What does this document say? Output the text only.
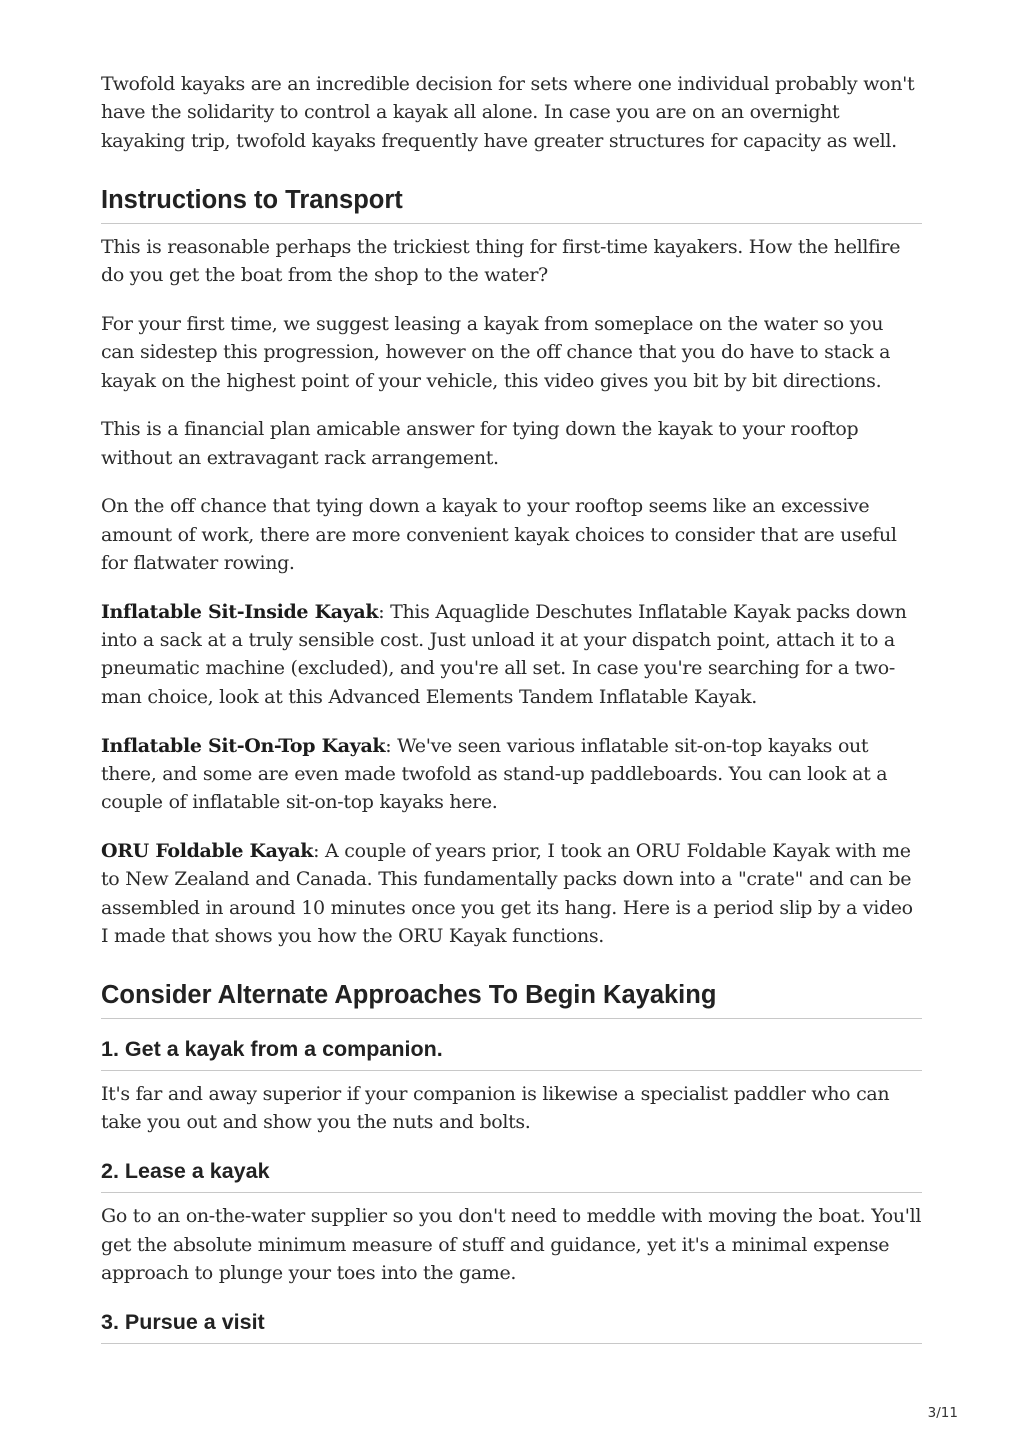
Twofold kayaks are an incredible decision for sets where one individual probably won't have the solidarity to control a kayak all alone. In case you are on an overnight kayaking trip, twofold kayaks frequently have greater structures for capacity as well.

Instructions to Transport

This is reasonable perhaps the trickiest thing for first-time kayakers. How the hellfire do you get the boat from the shop to the water?

For your first time, we suggest leasing a kayak from someplace on the water so you can sidestep this progression, however on the off chance that you do have to stack a kayak on the highest point of your vehicle, this video gives you bit by bit directions.

This is a financial plan amicable answer for tying down the kayak to your rooftop without an extravagant rack arrangement.

On the off chance that tying down a kayak to your rooftop seems like an excessive amount of work, there are more convenient kayak choices to consider that are useful for flatwater rowing.

Inflatable Sit-Inside Kayak: This Aquaglide Deschutes Inflatable Kayak packs down into a sack at a truly sensible cost. Just unload it at your dispatch point, attach it to a pneumatic machine (excluded), and you're all set. In case you're searching for a two-man choice, look at this Advanced Elements Tandem Inflatable Kayak.

Inflatable Sit-On-Top Kayak: We've seen various inflatable sit-on-top kayaks out there, and some are even made twofold as stand-up paddleboards. You can look at a couple of inflatable sit-on-top kayaks here.

ORU Foldable Kayak: A couple of years prior, I took an ORU Foldable Kayak with me to New Zealand and Canada. This fundamentally packs down into a "crate" and can be assembled in around 10 minutes once you get its hang. Here is a period slip by a video I made that shows you how the ORU Kayak functions.

Consider Alternate Approaches To Begin Kayaking
1. Get a kayak from a companion.

It's far and away superior if your companion is likewise a specialist paddler who can take you out and show you the nuts and bolts.

2. Lease a kayak

Go to an on-the-water supplier so you don't need to meddle with moving the boat. You'll get the absolute minimum measure of stuff and guidance, yet it's a minimal expense approach to plunge your toes into the game.

3. Pursue a visit
3/11
